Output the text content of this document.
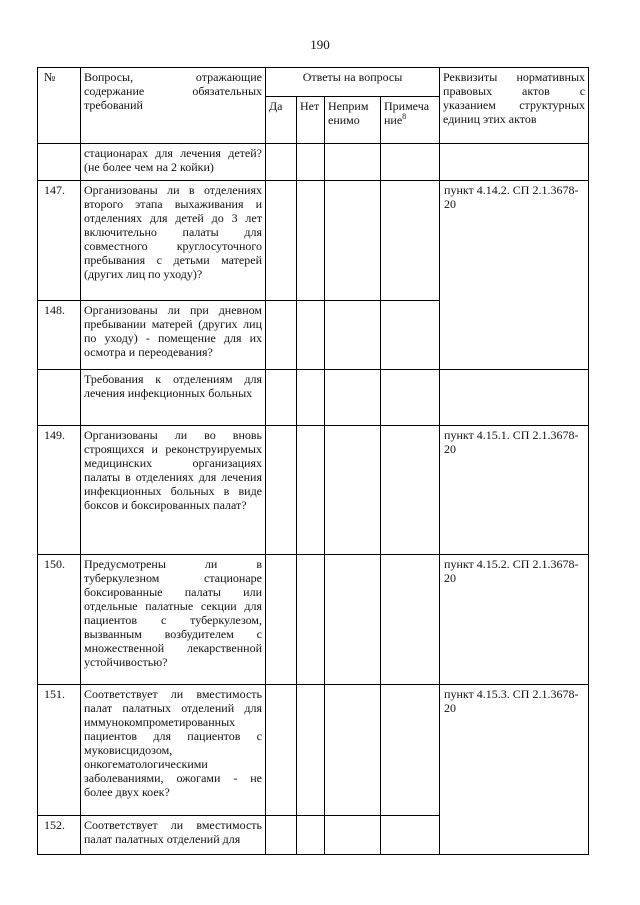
190
№	Вопросы, отражающие содержание обязательных требований	Ответы на вопросы				Реквизиты нормативных правовых актов с указанием структурных единиц этих актов
		Да	Нет	Неприм енимо	Примеча ние$^8$
	стационарах для лечения детей? (не более чем на 2 койки)					
147.	Организованы ли в отделениях второго этапа выхаживания и отделениях для детей до 3 лет включительно палаты для совместного круглосуточного пребывания с детьми матерей (других лиц по уходу)?					пункт 4.14.2. СП 2.1.3678-20
148.	Организованы ли при дневном пребывании матерей (других лиц по уходу) - помещение для их осмотра и переодевания?					
	Требования к отделениям для лечения инфекционных больных					
149.	Организованы ли во вновь строящихся и реконструируемых медицинских организациях палаты в отделениях для лечения инфекционных больных в виде боксов и боксированных палат?					пункт 4.15.1. СП 2.1.3678-20
150.	Предусмотрены ли в туберкулезном стационаре боксированные палаты или отдельные палатные секции для пациентов с туберкулезом, вызванным возбудителем с множественной лекарственной устойчивостью?					пункт 4.15.2. СП 2.1.3678-20
151.	Соответствует ли вместимость палат палатных отделений для иммунокомпрометированных пациентов для пациентов с муковисцидозом, онкогематологическими заболеваниями, ожогами - не более двух коек?					пункт 4.15.3. СП 2.1.3678-20
152.	Соответствует ли вместимость палат палатных отделений для					
